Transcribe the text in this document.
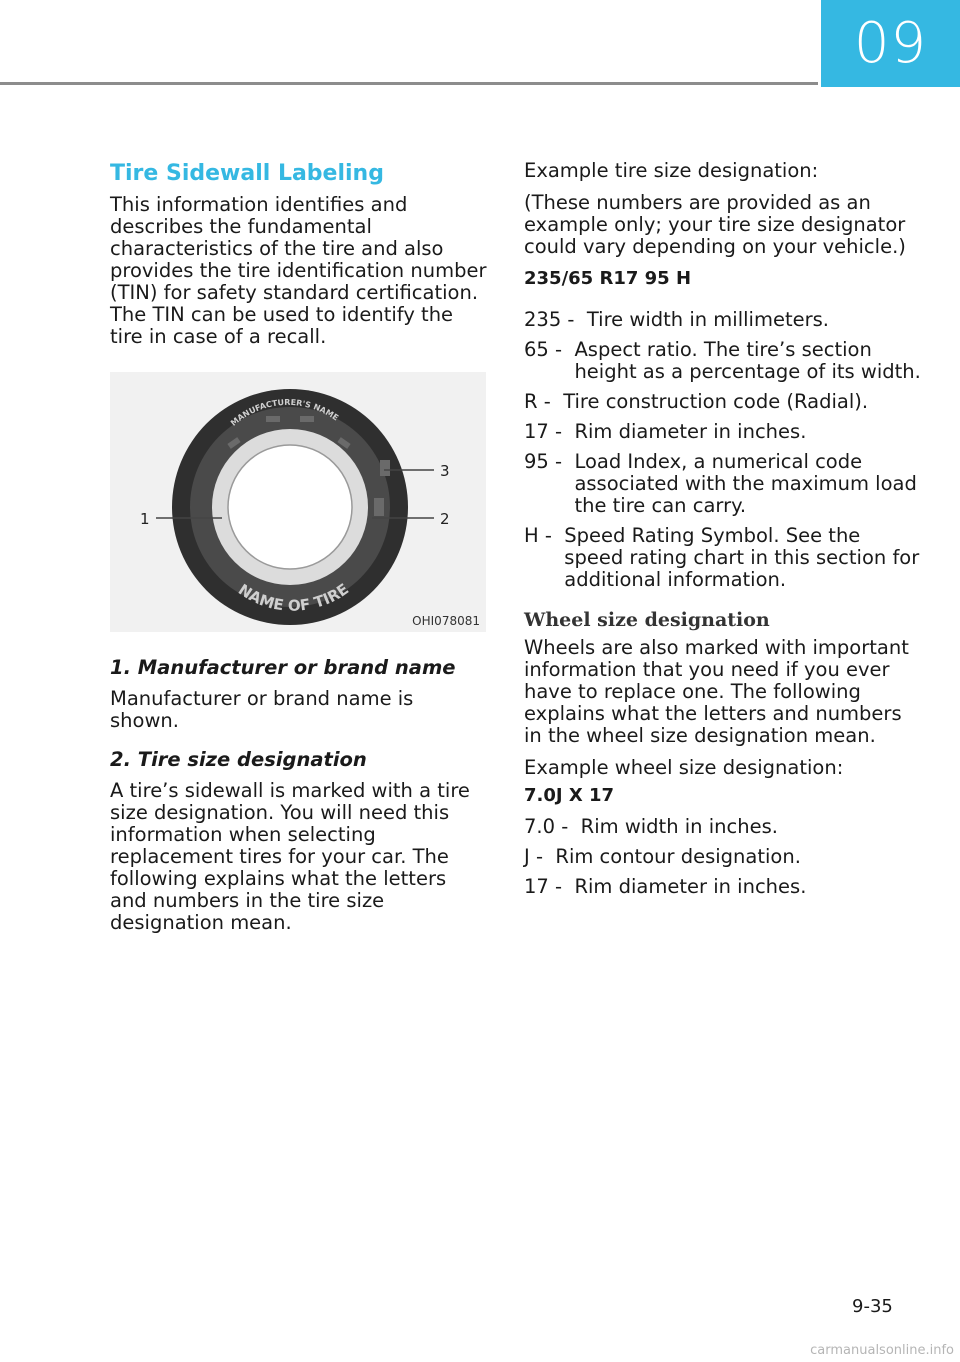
09
Tire Sidewall Labeling

This information identifies and describes the fundamental characteristics of the tire and also provides the tire identification number (TIN) for safety standard certification. The TIN can be used to identify the tire in case of a recall.

MANUFACTURER'S NAME
NAME OF TIRE
1	2
3
OHI078081
1. Manufacturer or brand name

Manufacturer or brand name is shown.

2. Tire size designation

A tire’s sidewall is marked with a tire size designation. You will need this information when selecting replacement tires for your car. The following explains what the letters and numbers in the tire size designation mean.

Example tire size designation:

(These numbers are provided as an example only; your tire size designator could vary depending on your vehicle.)

235/65 R17 95 H
235 - Tire width in millimeters.
65 - Aspect ratio. The tire’s section height as a percentage of its width.
R - Tire construction code (Radial).
17 - Rim diameter in inches.
95 - Load Index, a numerical code associated with the maximum load the tire can carry.
H - Speed Rating Symbol. See the speed rating chart in this section for additional information.
Wheel size designation

Wheels are also marked with important information that you need if you ever have to replace one. The following explains what the letters and numbers in the wheel size designation mean.

Example wheel size designation:

7.0J X 17
7.0 - Rim width in inches.
J - Rim contour designation.
17 - Rim diameter in inches.
9-35
carmanualsonline.info
